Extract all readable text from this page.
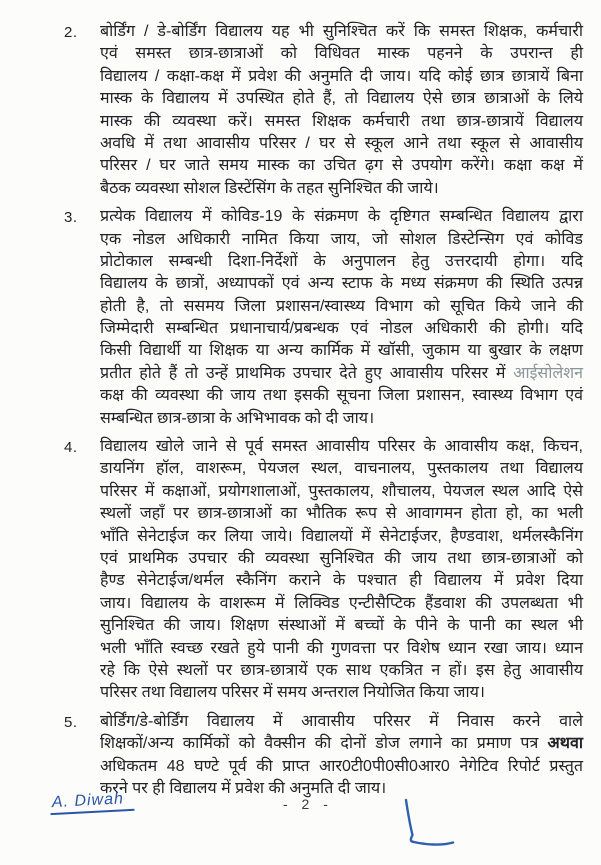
2.	बोर्डिंग / डे-बोर्डिंग विद्यालय यह भी सुनिश्चित करें कि समस्त शिक्षक, कर्मचारी
एवं समस्त छात्र-छात्राओं को विधिवत मास्क पहनने के उपरान्त ही
विद्यालय / कक्षा-कक्ष में प्रवेश की अनुमति दी जाय। यदि कोई छात्र छात्रायें बिना
मास्क के विद्यालय में उपस्थित होते हैं, तो विद्यालय ऐसे छात्र छात्राओं के लिये
मास्क की व्यवस्था करें। समस्त शिक्षक कर्मचारी तथा छात्र-छात्रायें विद्यालय
अवधि में तथा आवासीय परिसर / घर से स्कूल आने तथा स्कूल से आवासीय
परिसर / घर जाते समय मास्क का उचित ढ़ग से उपयोग करेंगे। कक्षा कक्ष में
बैठक व्यवस्था सोशल डिस्टेंसिंग के तहत सुनिश्चित की जाये।
3.	प्रत्येक विद्यालय में कोविड-19 के संक्रमण के दृष्टिगत सम्बन्धित विद्यालय द्वारा
एक नोडल अधिकारी नामित किया जाय, जो सोशल डिस्टेन्सिग एवं कोविड
प्रोटोकाल सम्बन्धी दिशा-निर्देशों के अनुपालन हेतु उत्तरदायी होगा। यदि
विद्यालय के छात्रों, अध्यापकों एवं अन्य स्टाफ के मध्य संक्रमण की स्थिति उत्पन्न
होती है, तो ससमय जिला प्रशासन/स्वास्थ्य विभाग को सूचित किये जाने की
जिम्मेदारी सम्बन्धित प्रधानाचार्य/प्रबन्धक एवं नोडल अधिकारी की होगी। यदि
किसी विद्यार्थी या शिक्षक या अन्य कार्मिक में खॉसी, जुकाम या बुखार के लक्षण
प्रतीत होते हैं तो उन्हें प्राथमिक उपचार देते हुए आवासीय परिसर में आईसोलेशन
कक्ष की व्यवस्था की जाय तथा इसकी सूचना जिला प्रशासन, स्वास्थ्य विभाग एवं
सम्बन्धित छात्र-छात्रा के अभिभावक को दी जाय।
4.	विद्यालय खोले जाने से पूर्व समस्त आवासीय परिसर के आवासीय कक्ष, किचन,
डायनिंग हॉल, वाशरूम, पेयजल स्थल, वाचनालय, पुस्तकालय तथा विद्यालय
परिसर में कक्षाओं, प्रयोगशालाओं, पुस्तकालय, शौचालय, पेयजल स्थल आदि ऐसे
स्थलों जहाँ पर छात्र-छात्राओं का भौतिक रूप से आवागमन होता हो, का भली
भाँति सेनेटाईज कर लिया जाये। विद्यालयों में सेनेटाईजर, हैण्डवाश, थर्मलस्कैनिंग
एवं प्राथमिक उपचार की व्यवस्था सुनिश्चित की जाय तथा छात्र-छात्राओं को
हैण्ड सेनेटाईज/थर्मल स्कैनिंग कराने के पश्चात ही विद्यालय में प्रवेश दिया
जाय। विद्यालय के वाशरूम में लिक्विड एन्टीसैप्टिक हैंडवाश की उपलब्धता भी
सुनिश्चित की जाय। शिक्षण संस्थाओं में बच्चों के पीने के पानी का स्थल भी
भली भाँति स्वच्छ रखते हुये पानी की गुणवत्ता पर विशेष ध्यान रखा जाय। ध्यान
रहे कि ऐसे स्थलों पर छात्र-छात्रायें एक साथ एकत्रित न हों। इस हेतु आवासीय
परिसर तथा विद्यालय परिसर में समय अन्तराल नियोजित किया जाय।
5.	बोर्डिंग/डे-बोर्डिंग विद्यालय में आवासीय परिसर में निवास करने वाले
शिक्षकों/अन्य कार्मिकों को वैक्सीन की दोनों डोज लगाने का प्रमाण पत्र अथवा
अधिकतम 48 घण्टे पूर्व की प्राप्त आर0टी0पी0सी0आर0 नेगेटिव रिपोर्ट प्रस्तुत
करने पर ही विद्यालय में प्रवेश की अनुमति दी जाय।
A. Diwah	- 2 -
